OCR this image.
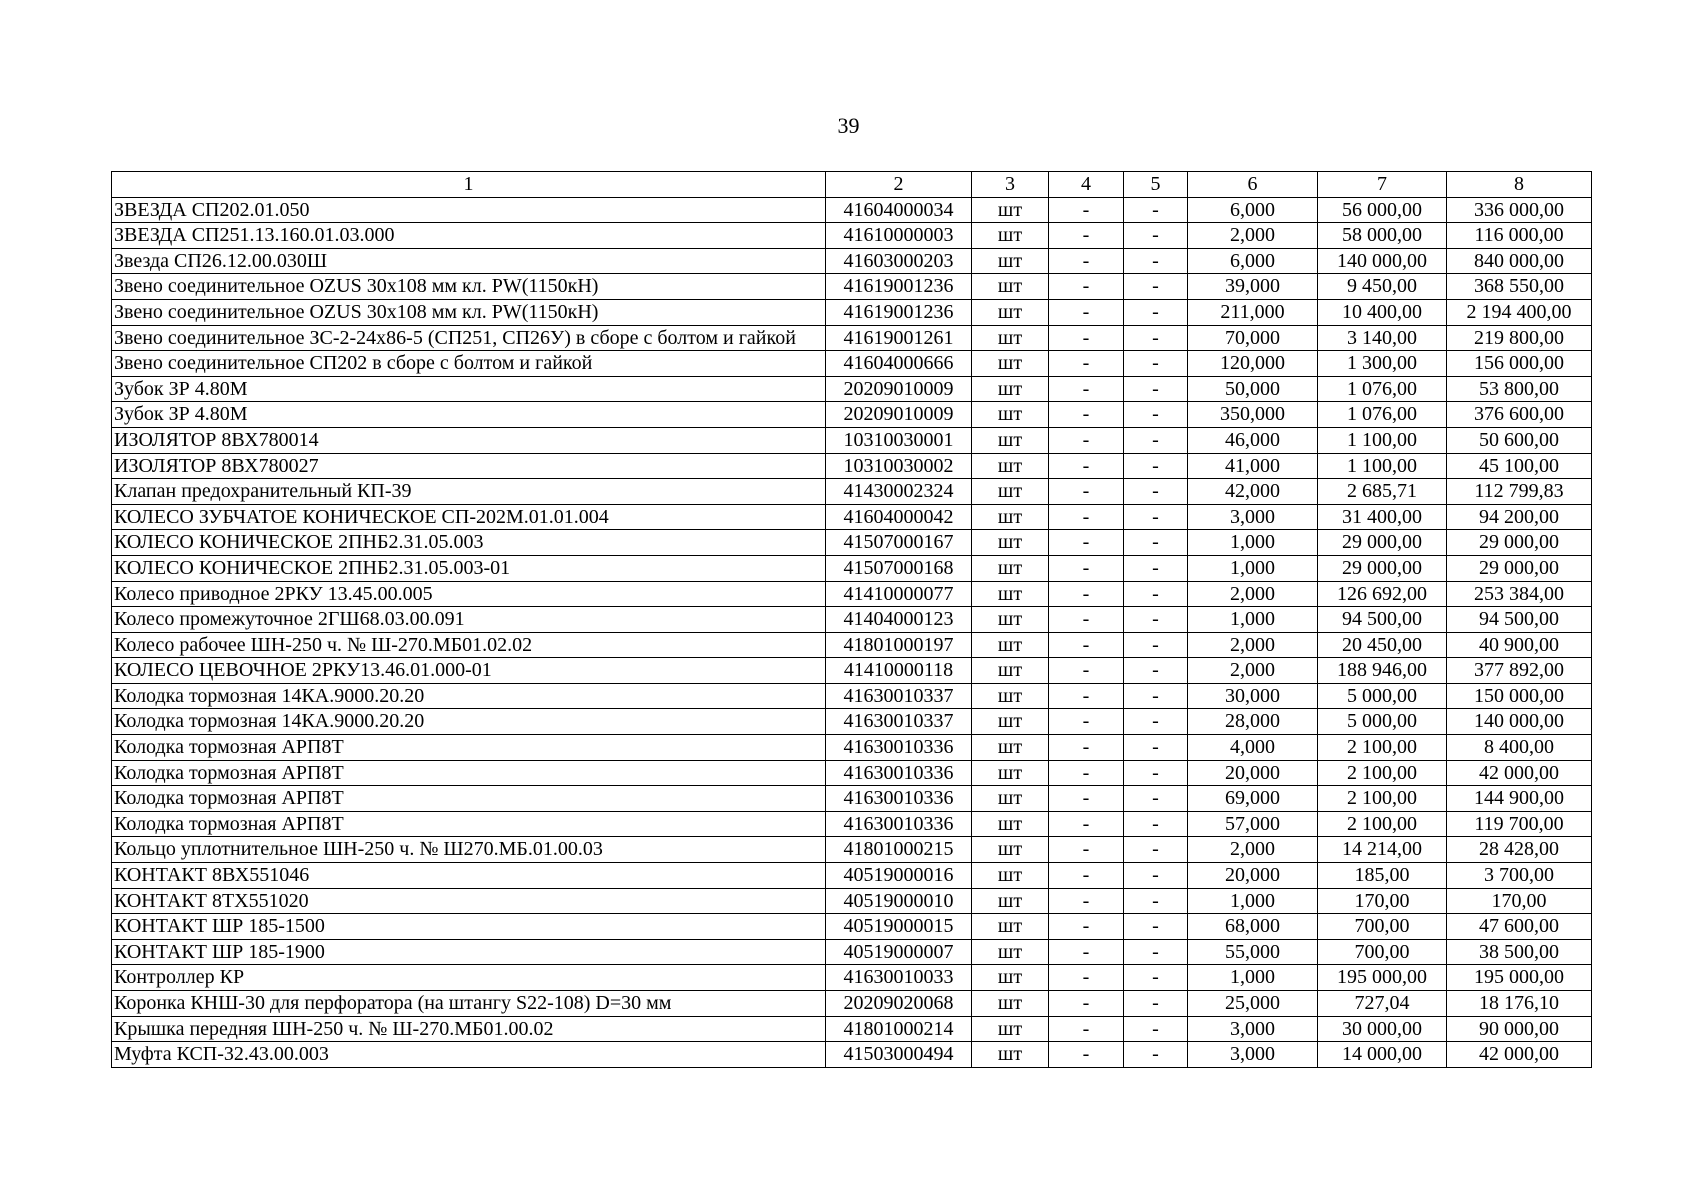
39
1	2	3	4	5	6	7	8
ЗВЕЗДА СП202.01.050	41604000034	шт	-	-	6,000	56 000,00	336 000,00
ЗВЕЗДА СП251.13.160.01.03.000	41610000003	шт	-	-	2,000	58 000,00	116 000,00
Звезда СП26.12.00.030Ш	41603000203	шт	-	-	6,000	140 000,00	840 000,00
Звено соединительное OZUS 30x108 мм кл. PW(1150кН)	41619001236	шт	-	-	39,000	9 450,00	368 550,00
Звено соединительное OZUS 30x108 мм кл. PW(1150кН)	41619001236	шт	-	-	211,000	10 400,00	2 194 400,00
Звено соединительное ЗС-2-24х86-5 (СП251, СП26У) в сборе с болтом и гайкой	41619001261	шт	-	-	70,000	3 140,00	219 800,00
Звено соединительное СП202 в сборе с болтом и гайкой	41604000666	шт	-	-	120,000	1 300,00	156 000,00
Зубок ЗР 4.80М	20209010009	шт	-	-	50,000	1 076,00	53 800,00
Зубок ЗР 4.80М	20209010009	шт	-	-	350,000	1 076,00	376 600,00
ИЗОЛЯТОР 8ВХ780014	10310030001	шт	-	-	46,000	1 100,00	50 600,00
ИЗОЛЯТОР 8ВХ780027	10310030002	шт	-	-	41,000	1 100,00	45 100,00
Клапан предохранительный КП-39	41430002324	шт	-	-	42,000	2 685,71	112 799,83
КОЛЕСО ЗУБЧАТОЕ КОНИЧЕСКОЕ СП-202М.01.01.004	41604000042	шт	-	-	3,000	31 400,00	94 200,00
КОЛЕСО КОНИЧЕСКОЕ 2ПНБ2.31.05.003	41507000167	шт	-	-	1,000	29 000,00	29 000,00
КОЛЕСО КОНИЧЕСКОЕ 2ПНБ2.31.05.003-01	41507000168	шт	-	-	1,000	29 000,00	29 000,00
Колесо приводное 2РКУ 13.45.00.005	41410000077	шт	-	-	2,000	126 692,00	253 384,00
Колесо промежуточное 2ГШ68.03.00.091	41404000123	шт	-	-	1,000	94 500,00	94 500,00
Колесо рабочее ШН-250 ч. № Ш-270.МБ01.02.02	41801000197	шт	-	-	2,000	20 450,00	40 900,00
КОЛЕСО ЦЕВОЧНОЕ 2РКУ13.46.01.000-01	41410000118	шт	-	-	2,000	188 946,00	377 892,00
Колодка тормозная 14КА.9000.20.20	41630010337	шт	-	-	30,000	5 000,00	150 000,00
Колодка тормозная 14КА.9000.20.20	41630010337	шт	-	-	28,000	5 000,00	140 000,00
Колодка тормозная АРП8Т	41630010336	шт	-	-	4,000	2 100,00	8 400,00
Колодка тормозная АРП8Т	41630010336	шт	-	-	20,000	2 100,00	42 000,00
Колодка тормозная АРП8Т	41630010336	шт	-	-	69,000	2 100,00	144 900,00
Колодка тормозная АРП8Т	41630010336	шт	-	-	57,000	2 100,00	119 700,00
Кольцо уплотнительное ШН-250 ч. № Ш270.МБ.01.00.03	41801000215	шт	-	-	2,000	14 214,00	28 428,00
КОНТАКТ 8ВХ551046	40519000016	шт	-	-	20,000	185,00	3 700,00
КОНТАКТ 8ТХ551020	40519000010	шт	-	-	1,000	170,00	170,00
КОНТАКТ ШР 185-1500	40519000015	шт	-	-	68,000	700,00	47 600,00
КОНТАКТ ШР 185-1900	40519000007	шт	-	-	55,000	700,00	38 500,00
Контроллер КР	41630010033	шт	-	-	1,000	195 000,00	195 000,00
Коронка КНШ-30 для перфоратора (на штангу S22-108) D=30 мм	20209020068	шт	-	-	25,000	727,04	18 176,10
Крышка передняя ШН-250 ч. № Ш-270.МБ01.00.02	41801000214	шт	-	-	3,000	30 000,00	90 000,00
Муфта КСП-32.43.00.003	41503000494	шт	-	-	3,000	14 000,00	42 000,00
